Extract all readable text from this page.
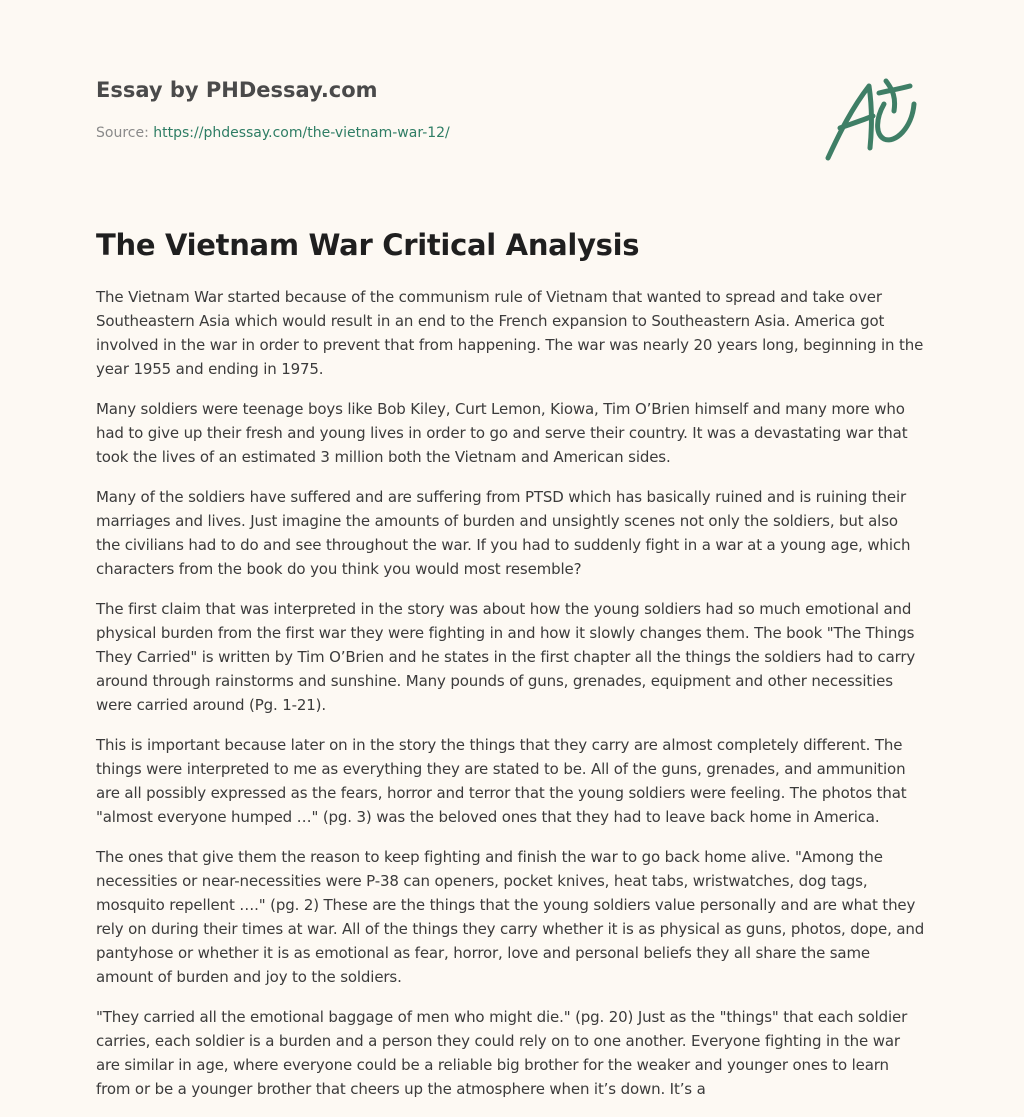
Essay by PHDessay.com
Source: https://phdessay.com/the-vietnam-war-12/
The Vietnam War Critical Analysis

The Vietnam War started because of the communism rule of Vietnam that wanted to spread and take over Southeastern Asia which would result in an end to the French expansion to Southeastern Asia. America got involved in the war in order to prevent that from happening. The war was nearly 20 years long, beginning in the year 1955 and ending in 1975.

Many soldiers were teenage boys like Bob Kiley, Curt Lemon, Kiowa, Tim O’Brien himself and many more who had to give up their fresh and young lives in order to go and serve their country. It was a devastating war that took the lives of an estimated 3 million both the Vietnam and American sides.

Many of the soldiers have suffered and are suffering from PTSD which has basically ruined and is ruining their marriages and lives. Just imagine the amounts of burden and unsightly scenes not only the soldiers, but also the civilians had to do and see throughout the war. If you had to suddenly fight in a war at a young age, which characters from the book do you think you would most resemble?

The first claim that was interpreted in the story was about how the young soldiers had so much emotional and physical burden from the first war they were fighting in and how it slowly changes them. The book "The Things They Carried" is written by Tim O’Brien and he states in the first chapter all the things the soldiers had to carry around through rainstorms and sunshine. Many pounds of guns, grenades, equipment and other necessities were carried around (Pg. 1-21).

This is important because later on in the story the things that they carry are almost completely different. The things were interpreted to me as everything they are stated to be. All of the guns, grenades, and ammunition are all possibly expressed as the fears, horror and terror that the young soldiers were feeling. The photos that "almost everyone humped …" (pg. 3) was the beloved ones that they had to leave back home in America.

The ones that give them the reason to keep fighting and finish the war to go back home alive. "Among the necessities or near-necessities were P-38 can openers, pocket knives, heat tabs, wristwatches, dog tags, mosquito repellent …." (pg. 2) These are the things that the young soldiers value personally and are what they rely on during their times at war. All of the things they carry whether it is as physical as guns, photos, dope, and pantyhose or whether it is as emotional as fear, horror, love and personal beliefs they all share the same amount of burden and joy to the soldiers.

"They carried all the emotional baggage of men who might die." (pg. 20) Just as the "things" that each soldier carries, each soldier is a burden and a person they could rely on to one another. Everyone fighting in the war are similar in age, where everyone could be a reliable big brother for the weaker and younger ones to learn from or be a younger brother that cheers up the atmosphere when it’s down. It’s a
